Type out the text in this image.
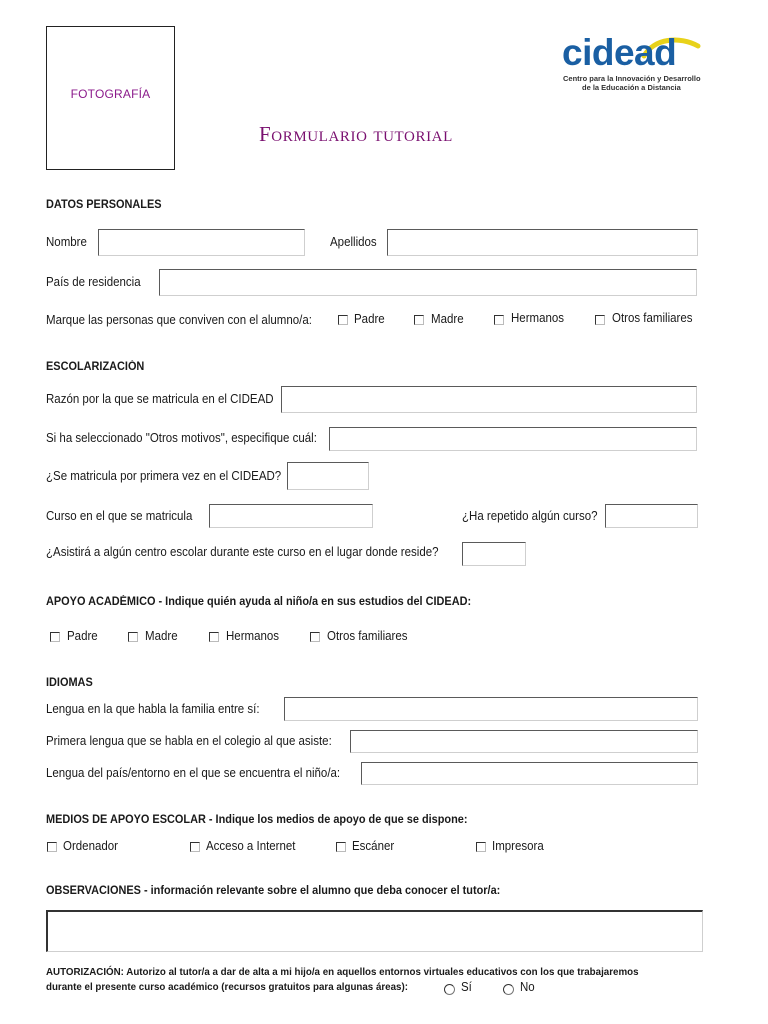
FOTOGRAFÍA
cidead
Centro para la Innovación y Desarrollo
de la Educación a Distancia
Formulario tutorial
DATOS PERSONALES
Nombre	Apellidos
País de residencia
Marque las personas que conviven con el alumno/a:	Padre	Madre	Hermanos	Otros familiares
ESCOLARIZACIÓN
Razón por la que se matricula en el CIDEAD
Si ha seleccionado "Otros motivos", especifique cuál:
¿Se matricula por primera vez en el CIDEAD?
Curso en el que se matricula	¿Ha repetido algún curso?
¿Asistirá a algún centro escolar durante este curso en el lugar donde reside?
APOYO ACADÉMICO - Indique quién ayuda al niño/a en sus estudios del CIDEAD:
Padre	Madre	Hermanos	Otros familiares
IDIOMAS
Lengua en la que habla la familia entre sí:
Primera lengua que se habla en el colegio al que asiste:
Lengua del país/entorno en el que se encuentra el niño/a:
MEDIOS DE APOYO ESCOLAR - Indique los medios de apoyo de que se dispone:
Ordenador	Acceso a Internet	Escáner	Impresora
OBSERVACIONES - información relevante sobre el alumno que deba conocer el tutor/a:
AUTORIZACIÓN: Autorizo al tutor/a a dar de alta a mi hijo/a en aquellos entornos virtuales educativos con los que trabajaremos
durante el presente curso académico (recursos gratuitos para algunas áreas):	Sí	No
